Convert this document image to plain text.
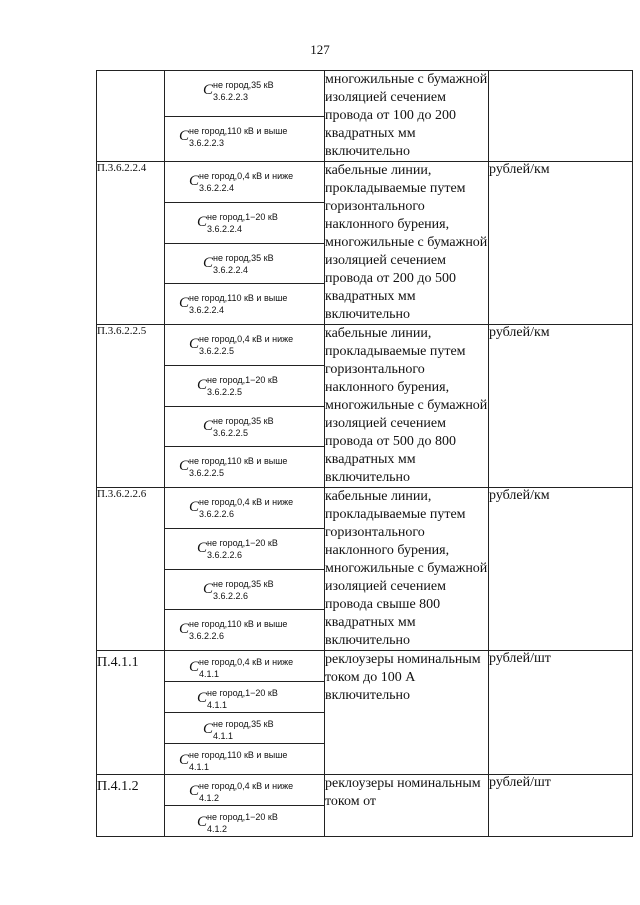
127

	C не город,35 кВ
3.6.2.2.3	многожильные с бумажной изоляцией сечением провода от 100 до 200 квадратных мм включительно	

	C не город,110 кВ и выше
3.6.2.2.3		

П.3.6.2.2.4	C не город,0,4 кВ и ниже
3.6.2.2.4	кабельные линии, прокладываемые путем горизонтального наклонного бурения, многожильные с бумажной изоляцией сечением провода от 200 до 500 квадратных мм включительно	рублей/км

	C не город,1−20 кВ
3.6.2.2.4		

	C не город,35 кВ
3.6.2.2.4		

	C не город,110 кВ и выше
3.6.2.2.4		

П.3.6.2.2.5	C не город,0,4 кВ и ниже
3.6.2.2.5	кабельные линии, прокладываемые путем горизонтального наклонного бурения, многожильные с бумажной изоляцией сечением провода от 500 до 800 квадратных мм включительно	рублей/км

	C не город,1−20 кВ
3.6.2.2.5		

	C не город,35 кВ
3.6.2.2.5		

	C не город,110 кВ и выше
3.6.2.2.5		

П.3.6.2.2.6	C не город,0,4 кВ и ниже
3.6.2.2.6	кабельные линии, прокладываемые путем горизонтального наклонного бурения, многожильные с бумажной изоляцией сечением провода свыше 800 квадратных мм включительно	рублей/км

	C не город,1−20 кВ
3.6.2.2.6		

	C не город,35 кВ
3.6.2.2.6		

	C не город,110 кВ и выше
3.6.2.2.6		

П.4.1.1	C не город,0,4 кВ и ниже
4.1.1	реклоузеры номинальным током до 100 А включительно	рублей/шт

	C не город,1−20 кВ
4.1.1		

	C не город,35 кВ
4.1.1		

	C не город,110 кВ и выше
4.1.1		

П.4.1.2	C не город,0,4 кВ и ниже
4.1.2	реклоузеры номинальным током от	рублей/шт

	C не город,1−20 кВ
4.1.2		
